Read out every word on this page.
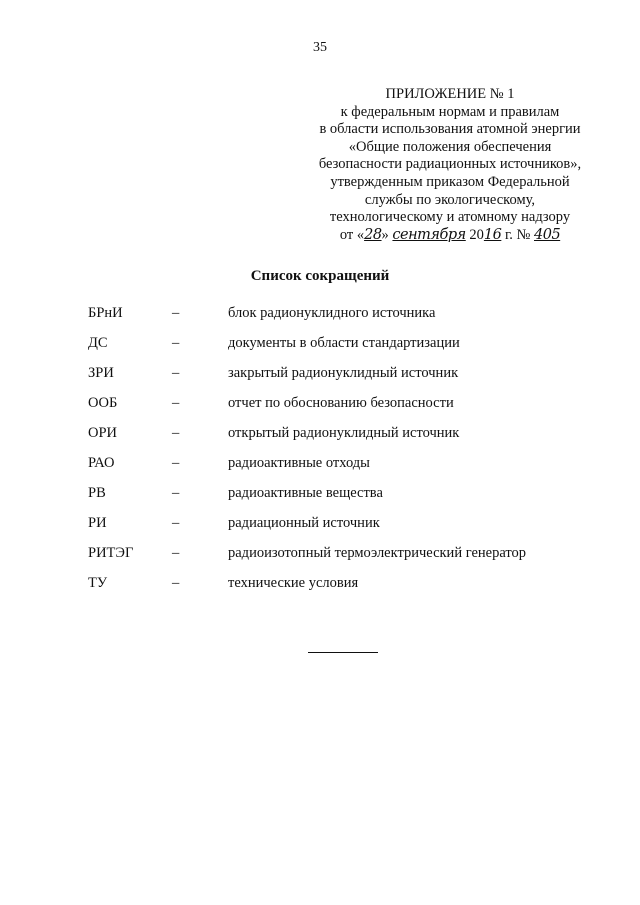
35
ПРИЛОЖЕНИЕ № 1
к федеральным нормам и правилам
в области использования атомной энергии
«Общие положения обеспечения
безопасности радиационных источников»,
утвержденным приказом Федеральной
службы по экологическому,
технологическому и атомному надзору
от «28» сентября 2016 г. № 405
Список сокращений
БРнИ	–	блок радионуклидного источника
ДС	–	документы в области стандартизации
ЗРИ	–	закрытый радионуклидный источник
ООБ	–	отчет по обоснованию безопасности
ОРИ	–	открытый радионуклидный источник
РАО	–	радиоактивные отходы
РВ	–	радиоактивные вещества
РИ	–	радиационный источник
РИТЭГ	–	радиоизотопный термоэлектрический генератор
ТУ	–	технические условия
